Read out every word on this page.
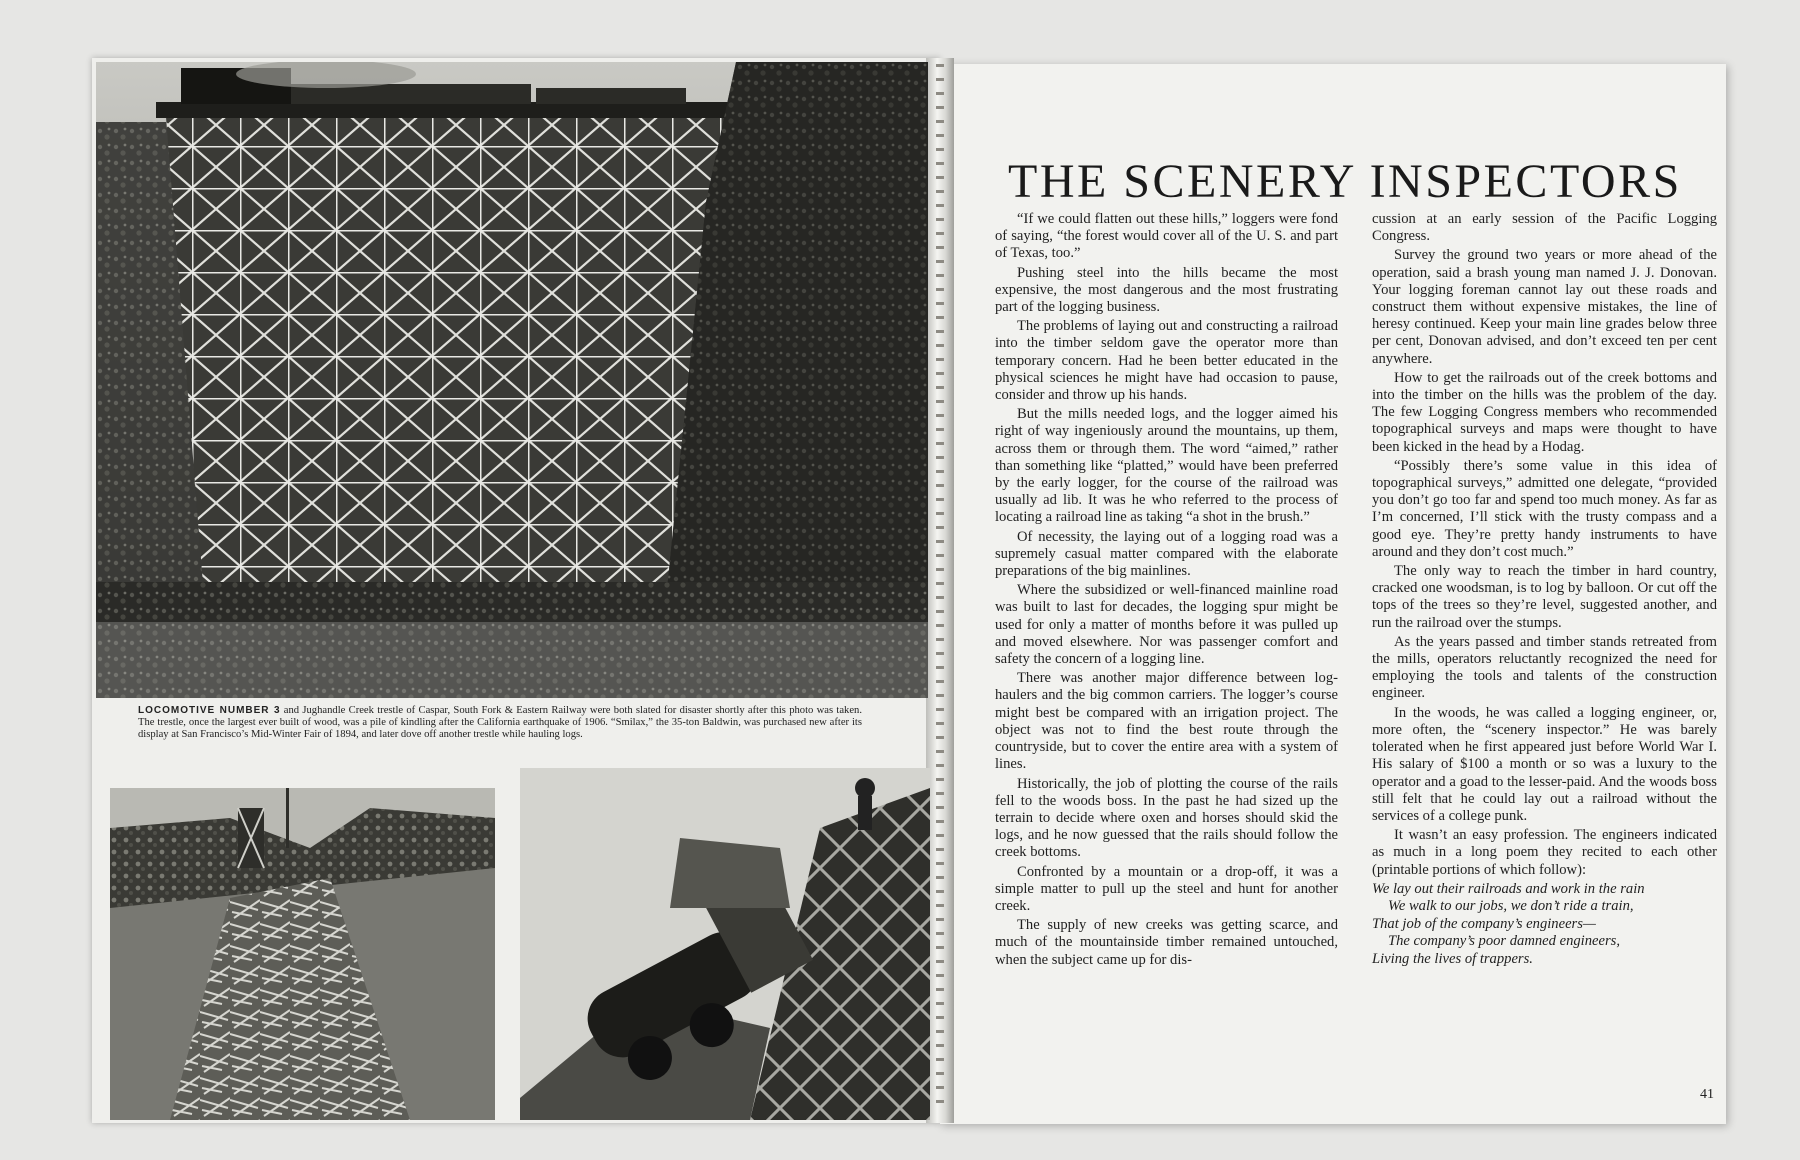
LOCOMOTIVE NUMBER 3 and Jughandle Creek trestle of Caspar, South Fork & Eastern Railway were both slated for disaster shortly after this photo was taken. The trestle, once the largest ever built of wood, was a pile of kindling after the California earthquake of 1906. “Smilax,” the 35-ton Baldwin, was purchased new after its display at San Francisco’s Mid-Winter Fair of 1894, and later dove off another trestle while hauling logs.
THE SCENERY INSPECTORS

“If we could flatten out these hills,” loggers were fond of saying, “the forest would cover all of the U. S. and part of Texas, too.”

Pushing steel into the hills became the most expensive, the most dangerous and the most frustrating part of the logging business.

The problems of laying out and constructing a railroad into the timber seldom gave the operator more than temporary concern. Had he been better educated in the physical sciences he might have had occasion to pause, consider and throw up his hands.

But the mills needed logs, and the logger aimed his right of way ingeniously around the mountains, up them, across them or through them. The word “aimed,” rather than something like “platted,” would have been preferred by the early logger, for the course of the railroad was usually ad lib. It was he who referred to the process of locating a railroad line as taking “a shot in the brush.”

Of necessity, the laying out of a logging road was a supremely casual matter compared with the elaborate preparations of the big mainlines.

Where the subsidized or well-financed mainline road was built to last for decades, the logging spur might be used for only a matter of months before it was pulled up and moved elsewhere. Nor was passenger comfort and safety the concern of a logging line.

There was another major difference between log-haulers and the big common carriers. The logger’s course might best be compared with an irrigation project. The object was not to find the best route through the countryside, but to cover the entire area with a system of lines.

Historically, the job of plotting the course of the rails fell to the woods boss. In the past he had sized up the terrain to decide where oxen and horses should skid the logs, and he now guessed that the rails should follow the creek bottoms.

Confronted by a mountain or a drop-off, it was a simple matter to pull up the steel and hunt for another creek.

The supply of new creeks was getting scarce, and much of the mountainside timber remained untouched, when the subject came up for dis-

cussion at an early session of the Pacific Logging Congress.

Survey the ground two years or more ahead of the operation, said a brash young man named J. J. Donovan. Your logging foreman cannot lay out these roads and construct them without expensive mistakes, the line of heresy continued. Keep your main line grades below three per cent, Donovan advised, and don’t exceed ten per cent anywhere.

How to get the railroads out of the creek bottoms and into the timber on the hills was the problem of the day. The few Logging Congress members who recommended topographical surveys and maps were thought to have been kicked in the head by a Hodag.

“Possibly there’s some value in this idea of topographical surveys,” admitted one delegate, “provided you don’t go too far and spend too much money. As far as I’m concerned, I’ll stick with the trusty compass and a good eye. They’re pretty handy instruments to have around and they don’t cost much.”

The only way to reach the timber in hard country, cracked one woodsman, is to log by balloon. Or cut off the tops of the trees so they’re level, suggested another, and run the railroad over the stumps.

As the years passed and timber stands retreated from the mills, operators reluctantly recognized the need for employing the tools and talents of the construction engineer.

In the woods, he was called a logging engineer, or, more often, the “scenery inspector.” He was barely tolerated when he first appeared just before World War I. His salary of $100 a month or so was a luxury to the operator and a goad to the lesser-paid. And the woods boss still felt that he could lay out a railroad without the services of a college punk.

It wasn’t an easy profession. The engineers indicated as much in a long poem they recited to each other (printable portions of which follow):

We lay out their railroads and work in the rain
We walk to our jobs, we don’t ride a train,
That job of the company’s engineers—
The company’s poor damned engineers,
Living the lives of trappers.
41
